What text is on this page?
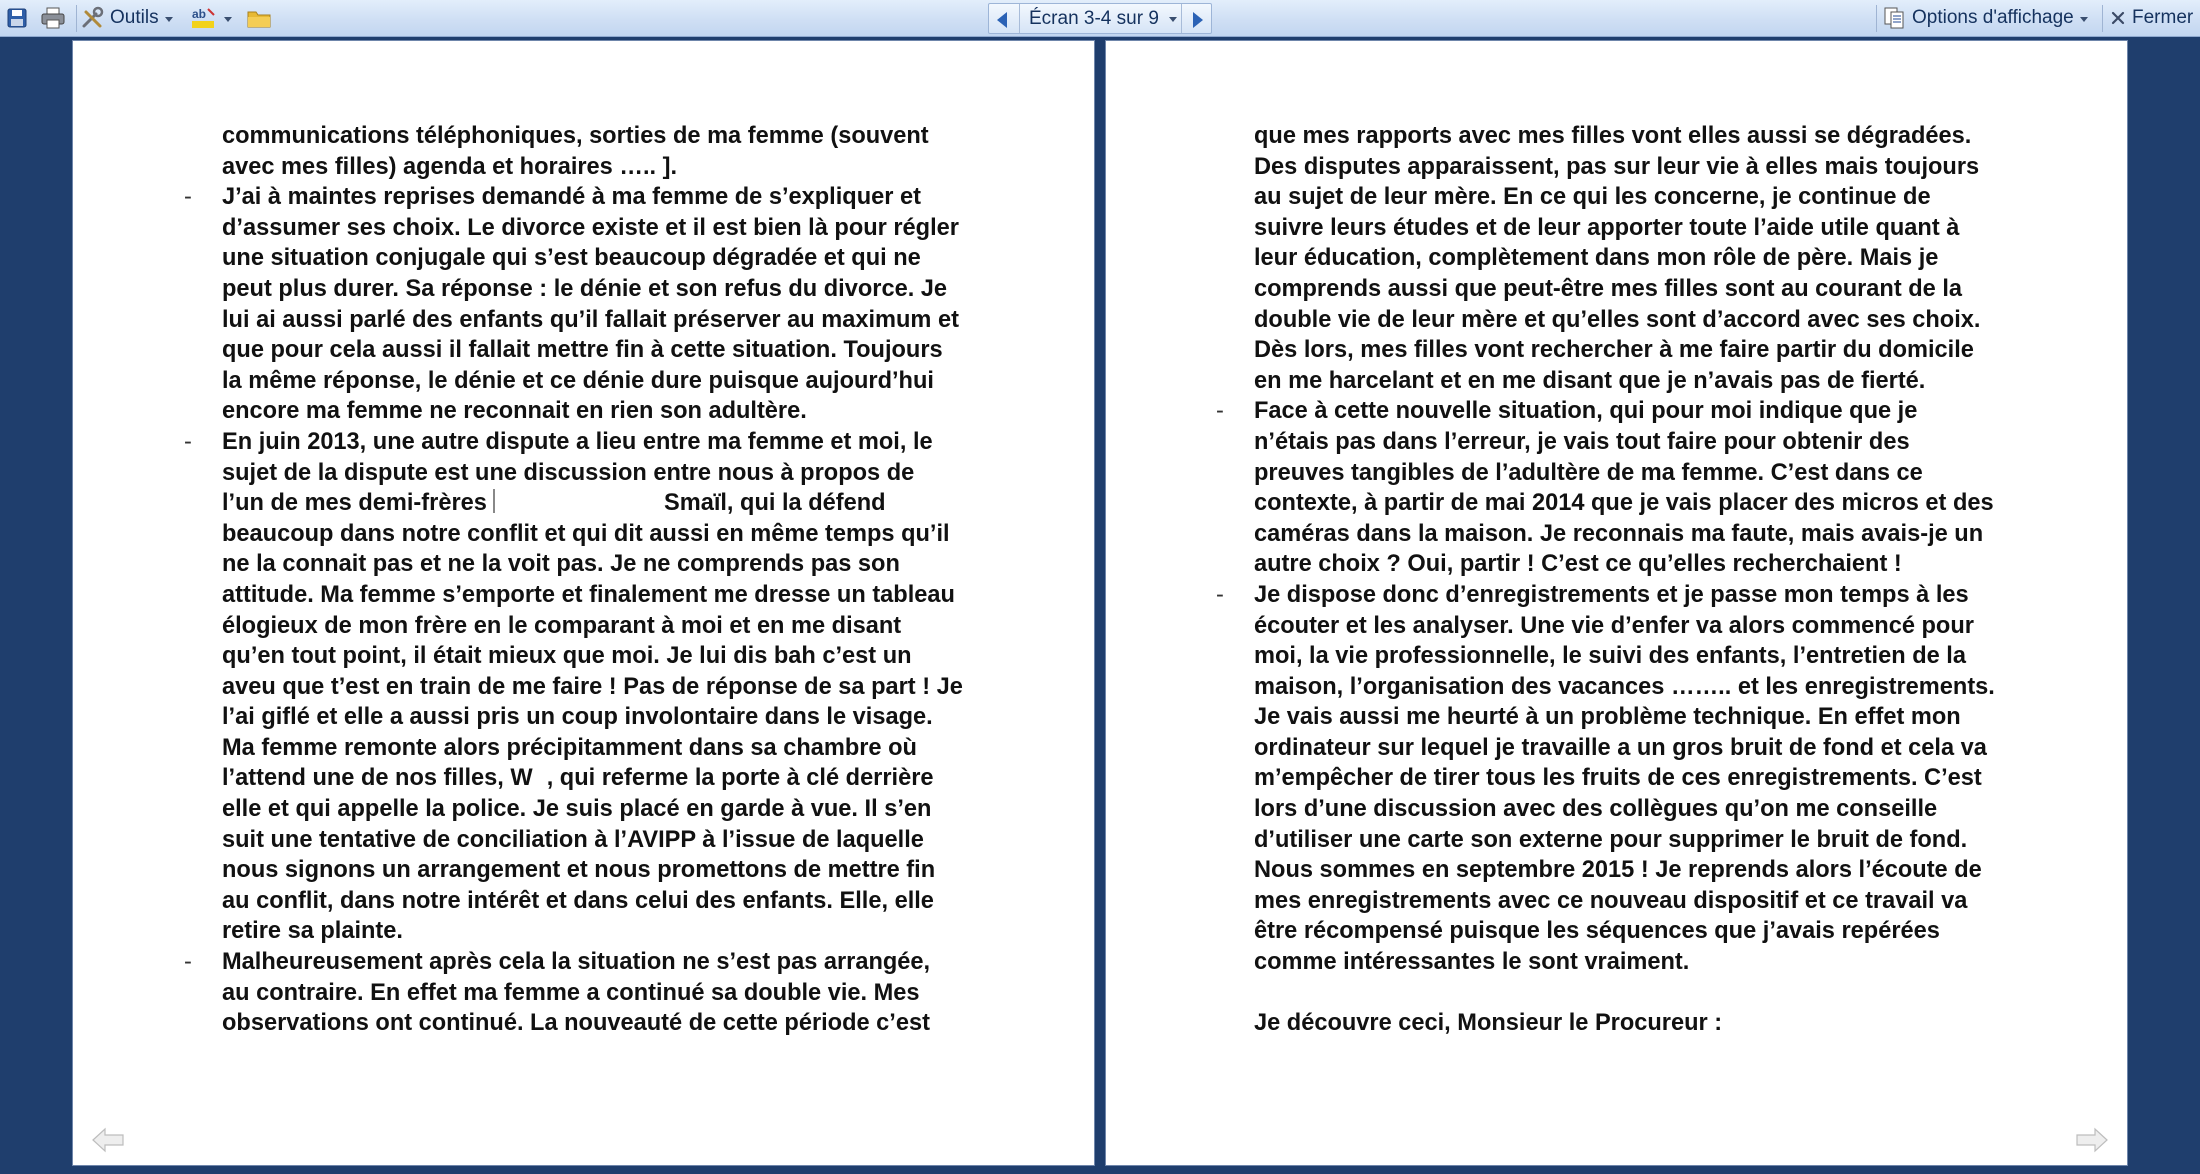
Outils	ab	Écran 3-4 sur 9	Options d'affichage	Fermer

communications téléphoniques, sorties de ma femme (souvent
avec mes filles) agenda et horaires ….. ].

- J’ai à maintes reprises demandé à ma femme de s’expliquer et
d’assumer ses choix. Le divorce existe et il est bien là pour régler
une situation conjugale qui s’est beaucoup dégradée et qui ne
peut plus durer. Sa réponse : le dénie et son refus du divorce. Je
lui ai aussi parlé des enfants qu’il fallait préserver au maximum et
que pour cela aussi il fallait mettre fin à cette situation. Toujours
la même réponse, le dénie et ce dénie dure puisque aujourd’hui
encore ma femme ne reconnait en rien son adultère.

- En juin 2013, une autre dispute a lieu entre ma femme et moi, le
sujet de la dispute est une discussion entre nous à propos de
l’un de mes demi-frères	Smaïl, qui la défend
beaucoup dans notre conflit et qui dit aussi en même temps qu’il
ne la connait pas et ne la voit pas. Je ne comprends pas son
attitude. Ma femme s’emporte et finalement me dresse un tableau
élogieux de mon frère en le comparant à moi et en me disant
qu’en tout point, il était mieux que moi. Je lui dis bah c’est un
aveu que t’est en train de me faire ! Pas de réponse de sa part ! Je
l’ai giflé et elle a aussi pris un coup involontaire dans le visage.
Ma femme remonte alors précipitamment dans sa chambre où
l’attend une de nos filles, W , qui referme la porte à clé derrière
elle et qui appelle la police. Je suis placé en garde à vue. Il s’en
suit une tentative de conciliation à l’AVIPP à l’issue de laquelle
nous signons un arrangement et nous promettons de mettre fin
au conflit, dans notre intérêt et dans celui des enfants. Elle, elle
retire sa plainte.

- Malheureusement après cela la situation ne s’est pas arrangée,
au contraire. En effet ma femme a continué sa double vie. Mes
observations ont continué. La nouveauté de cette période c’est

que mes rapports avec mes filles vont elles aussi se dégradées.
Des disputes apparaissent, pas sur leur vie à elles mais toujours
au sujet de leur mère. En ce qui les concerne, je continue de
suivre leurs études et de leur apporter toute l’aide utile quant à
leur éducation, complètement dans mon rôle de père. Mais je
comprends aussi que peut-être mes filles sont au courant de la
double vie de leur mère et qu’elles sont d’accord avec ses choix.
Dès lors, mes filles vont rechercher à me faire partir du domicile
en me harcelant et en me disant que je n’avais pas de fierté.

- Face à cette nouvelle situation, qui pour moi indique que je
n’étais pas dans l’erreur, je vais tout faire pour obtenir des
preuves tangibles de l’adultère de ma femme. C’est dans ce
contexte, à partir de mai 2014 que je vais placer des micros et des
caméras dans la maison. Je reconnais ma faute, mais avais-je un
autre choix ? Oui, partir ! C’est ce qu’elles recherchaient !

- Je dispose donc d’enregistrements et je passe mon temps à les
écouter et les analyser. Une vie d’enfer va alors commencé pour
moi, la vie professionnelle, le suivi des enfants, l’entretien de la
maison, l’organisation des vacances …….. et les enregistrements.
Je vais aussi me heurté à un problème technique. En effet mon
ordinateur sur lequel je travaille a un gros bruit de fond et cela va
m’empêcher de tirer tous les fruits de ces enregistrements. C’est
lors d’une discussion avec des collègues qu’on me conseille
d’utiliser une carte son externe pour supprimer le bruit de fond.
Nous sommes en septembre 2015 ! Je reprends alors l’écoute de
mes enregistrements avec ce nouveau dispositif et ce travail va
être récompensé puisque les séquences que j’avais repérées
comme intéressantes le sont vraiment.

Je découvre ceci, Monsieur le Procureur :
